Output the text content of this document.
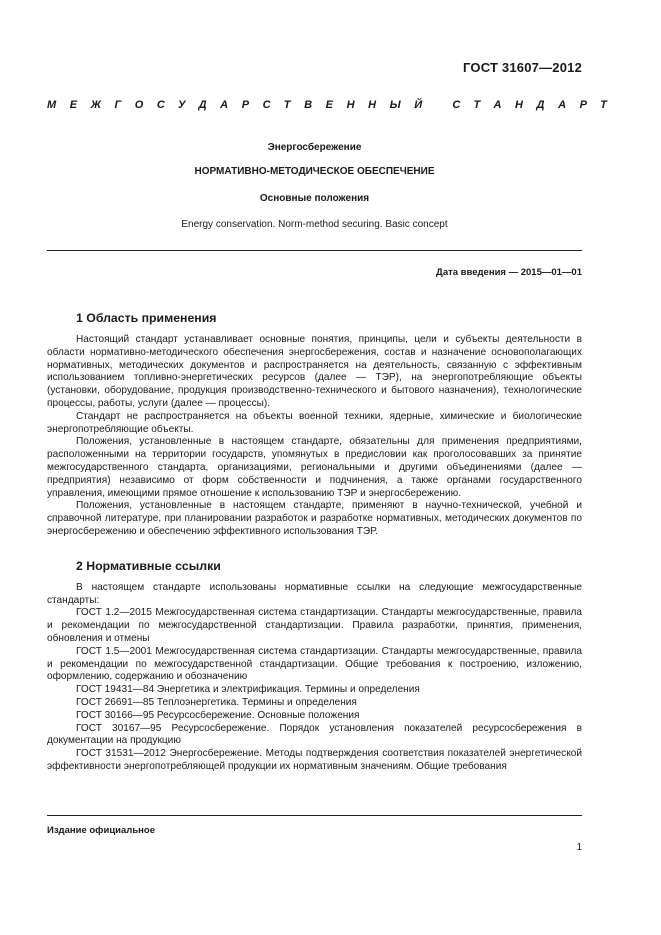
ГОСТ 31607—2012
МЕЖГОСУДАРСТВЕННЫЙ СТАНДАРТ
Энергосбережение
НОРМАТИВНО-МЕТОДИЧЕСКОЕ ОБЕСПЕЧЕНИЕ
Основные положения
Energy conservation. Norm-method securing. Basic concept
Дата введения — 2015—01—01
1 Область применения

Настоящий стандарт устанавливает основные понятия, принципы, цели и субъекты деятельности в области нормативно-методического обеспечения энергосбережения, состав и назначение основополагающих нормативных, методических документов и распространяется на деятельность, связанную с эффективным использованием топливно-энергетических ресурсов (далее — ТЭР), на энергопотребляющие объекты (установки, оборудование, продукция производственно-технического и бытового назначения), технологические процессы, работы, услуги (далее — процессы).

Стандарт не распространяется на объекты военной техники, ядерные, химические и биологические энергопотребляющие объекты.

Положения, установленные в настоящем стандарте, обязательны для применения предприятиями, расположенными на территории государств, упомянутых в предисловии как проголосовавших за принятие межгосударственного стандарта, организациями, региональными и другими объединениями (далее — предприятия) независимо от форм собственности и подчинения, а также органами государственного управления, имеющими прямое отношение к использованию ТЭР и энергосбережению.

Положения, установленные в настоящем стандарте, применяют в научно-технической, учебной и справочной литературе, при планировании разработок и разработке нормативных, методических документов по энергосбережению и обеспечению эффективного использования ТЭР.

2 Нормативные ссылки

В настоящем стандарте использованы нормативные ссылки на следующие межгосударственные стандарты:

ГОСТ 1.2—2015 Межгосударственная система стандартизации. Стандарты межгосударственные, правила и рекомендации по межгосударственной стандартизации. Правила разработки, принятия, применения, обновления и отмены

ГОСТ 1.5—2001 Межгосударственная система стандартизации. Стандарты межгосударственные, правила и рекомендации по межгосударственной стандартизации. Общие требования к построению, изложению, оформлению, содержанию и обозначению

ГОСТ 19431—84 Энергетика и электрификация. Термины и определения

ГОСТ 26691—85 Теплоэнергетика. Термины и определения

ГОСТ 30166—95 Ресурсосбережение. Основные положения

ГОСТ 30167—95 Ресурсосбережение. Порядок установления показателей ресурсосбережения в документации на продукцию

ГОСТ 31531—2012 Энергосбережение. Методы подтверждения соответствия показателей энергетической эффективности энергопотребляющей продукции их нормативным значениям. Общие требования

Издание официальное
1
